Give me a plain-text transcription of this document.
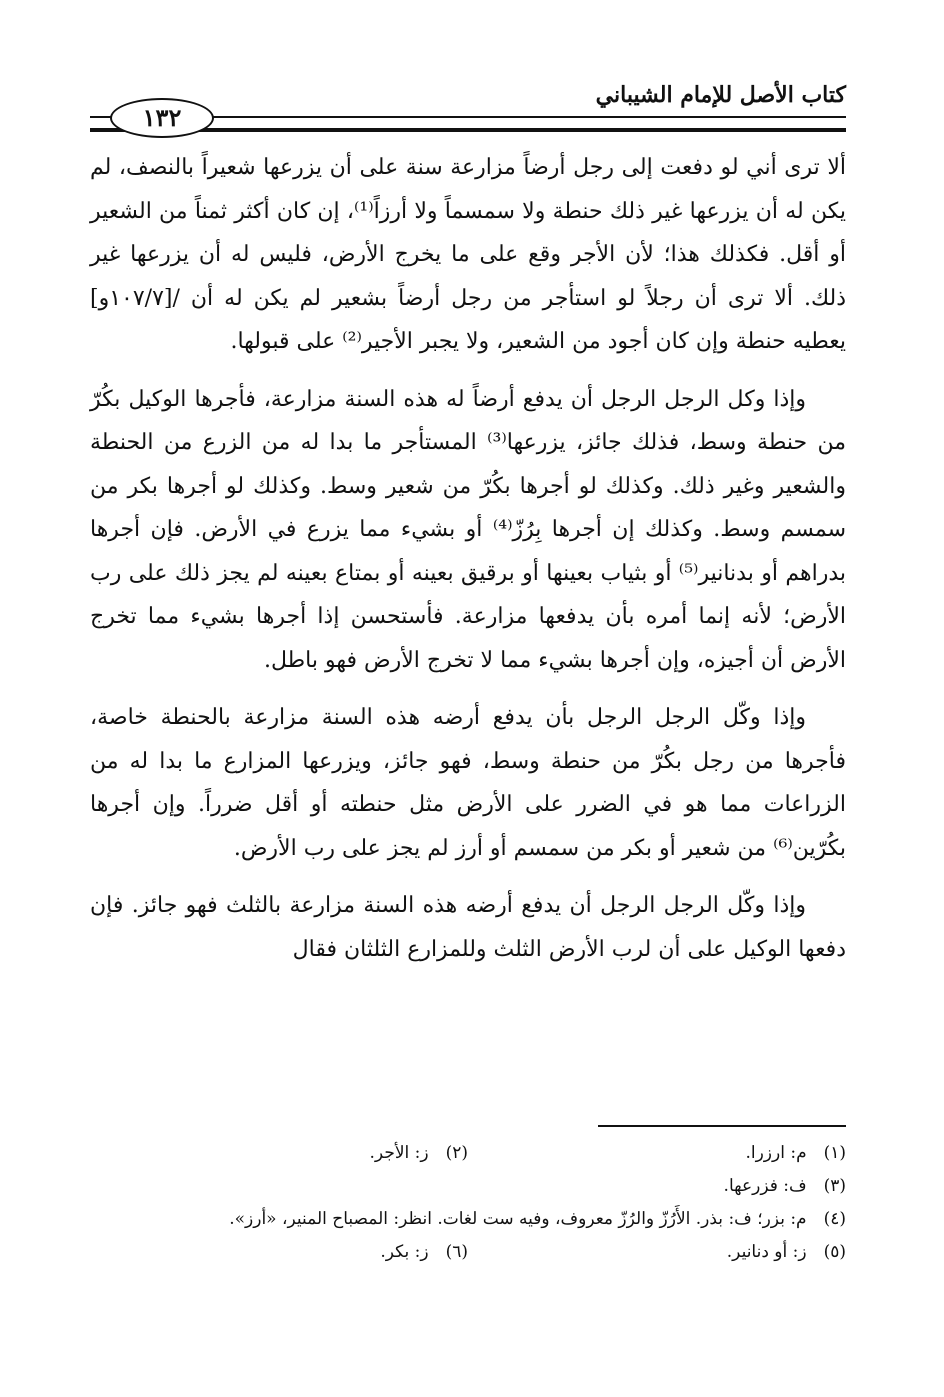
كتاب الأصل للإمام الشيباني
١٣٢

ألا ترى أني لو دفعت إلى رجل أرضاً مزارعة سنة على أن يزرعها شعيراً بالنصف، لم يكن له أن يزرعها غير ذلك حنطة ولا سمسماً ولا أرزاً⁽¹⁾، إن كان أكثر ثمناً من الشعير أو أقل. فكذلك هذا؛ لأن الأجر وقع على ما يخرج الأرض، فليس له أن يزرعها غير ذلك. ألا ترى أن رجلاً لو استأجر من رجل أرضاً بشعير لم يكن له أن /[١٠٧/٧و] يعطيه حنطة وإن كان أجود من الشعير، ولا يجبر الأجير⁽²⁾ على قبولها.

وإذا وكل الرجل الرجل أن يدفع أرضاً له هذه السنة مزارعة، فأجرها الوكيل بكُرّ من حنطة وسط، فذلك جائز، يزرعها⁽³⁾ المستأجر ما بدا له من الزرع من الحنطة والشعير وغير ذلك. وكذلك لو أجرها بكُرّ من شعير وسط. وكذلك لو أجرها بكر من سمسم وسط. وكذلك إن أجرها بِرُزّ⁽⁴⁾ أو بشيء مما يزرع في الأرض. فإن أجرها بدراهم أو بدنانير⁽⁵⁾ أو بثياب بعينها أو برقيق بعينه أو بمتاع بعينه لم يجز ذلك على رب الأرض؛ لأنه إنما أمره بأن يدفعها مزارعة. فأستحسن إذا أجرها بشيء مما تخرج الأرض أن أجيزه، وإن أجرها بشيء مما لا تخرج الأرض فهو باطل.

وإذا وكّل الرجل الرجل بأن يدفع أرضه هذه السنة مزارعة بالحنطة خاصة، فأجرها من رجل بكُرّ من حنطة وسط، فهو جائز، ويزرعها المزارع ما بدا له من الزراعات مما هو في الضرر على الأرض مثل حنطته أو أقل ضرراً. وإن أجرها بكُرّين⁽⁶⁾ من شعير أو بكر من سمسم أو أرز لم يجز على رب الأرض.

وإذا وكّل الرجل الرجل أن يدفع أرضه هذه السنة مزارعة بالثلث فهو جائز. فإن دفعها الوكيل على أن لرب الأرض الثلث وللمزارع الثلثان فقال

(١) م: ارزرا.
(٢) ز: الأجر.
(٣) ف: فزرعها.
(٤) م: بزر؛ ف: بذر. الأَرُزّ والرُزّ معروف، وفيه ست لغات. انظر: المصباح المنير، «أرز».
(٥) ز: أو دنانير.
(٦) ز: بكر.
